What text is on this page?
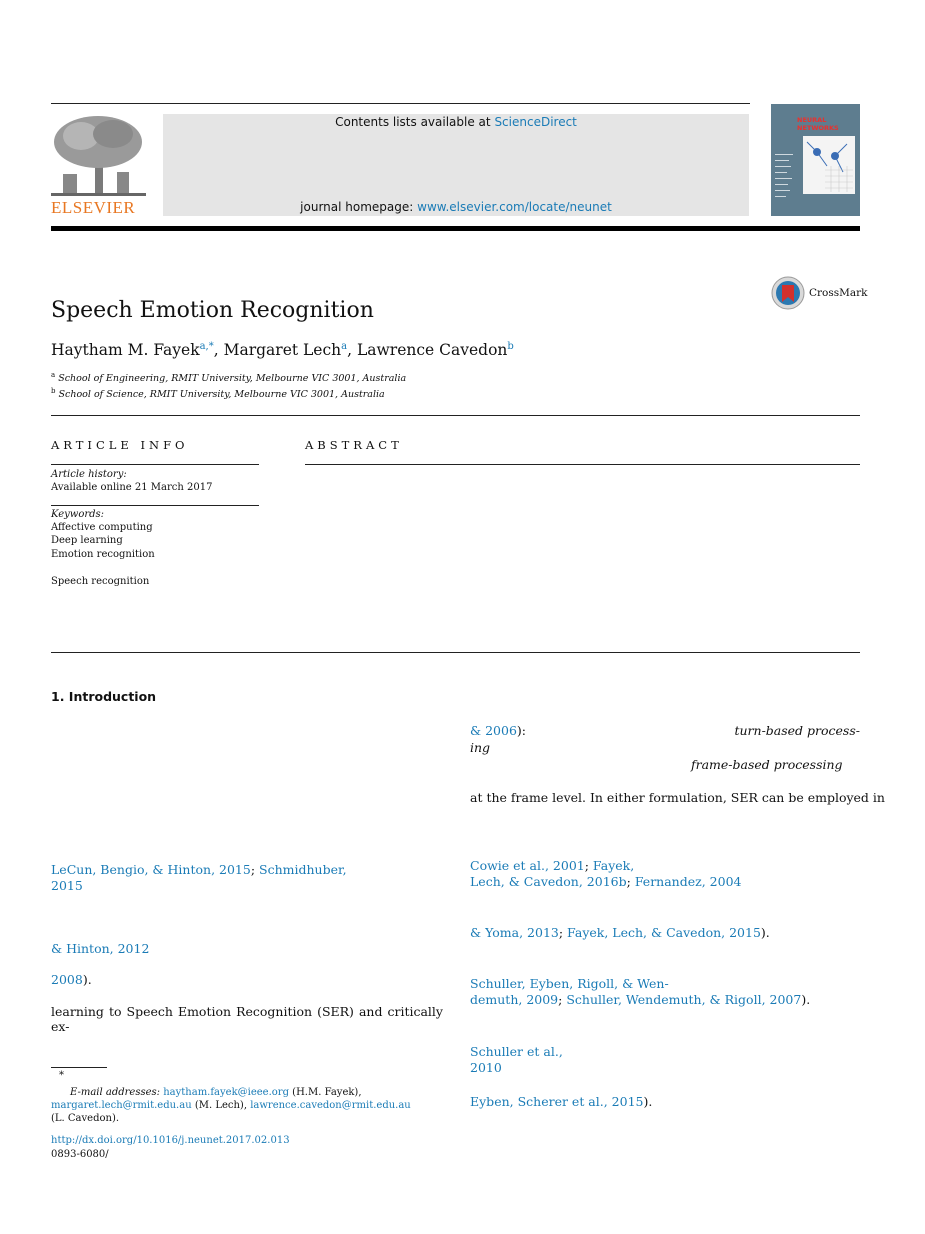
ELSEVIER
Contents lists available at ScienceDirect
journal homepage: www.elsevier.com/locate/neunet
NEURAL NETWORKS
CrossMark
Speech Emotion Recognition
Haytham M. Fayek$^{a,*}$, Margaret Lech$^a$, Lawrence Cavedon$^b$
$^a$ School of Engineering, RMIT University, Melbourne VIC 3001, Australia
$^b$ School of Science, RMIT University, Melbourne VIC 3001, Australia
ARTICLE INFO
Article history:
Available online 21 March 2017
Keywords:
Affective computing
Deep learning
Emotion recognition
Speech recognition
ABSTRACT
1. Introduction
LeCun, Bengio, & Hinton, 2015; Schmidhuber,
2015
& Hinton, 2012
2008).
learning to Speech Emotion Recognition (SER) and critically ex-
& 2006):	turn-based process-
ing
frame-based processing
at the frame level. In either formulation, SER can be employed in
Cowie et al., 2001; Fayek,
Lech, & Cavedon, 2016b; Fernandez, 2004
& Yoma, 2013; Fayek, Lech, & Cavedon, 2015).
Schuller, Eyben, Rigoll, & Wen-
demuth, 2009; Schuller, Wendemuth, & Rigoll, 2007).
Schuller et al.,
2010
Eyben, Scherer et al., 2015).
*
E-mail addresses: haytham.fayek@ieee.org (H.M. Fayek),
margaret.lech@rmit.edu.au (M. Lech), lawrence.cavedon@rmit.edu.au
(L. Cavedon).
http://dx.doi.org/10.1016/j.neunet.2017.02.013
0893-6080/
